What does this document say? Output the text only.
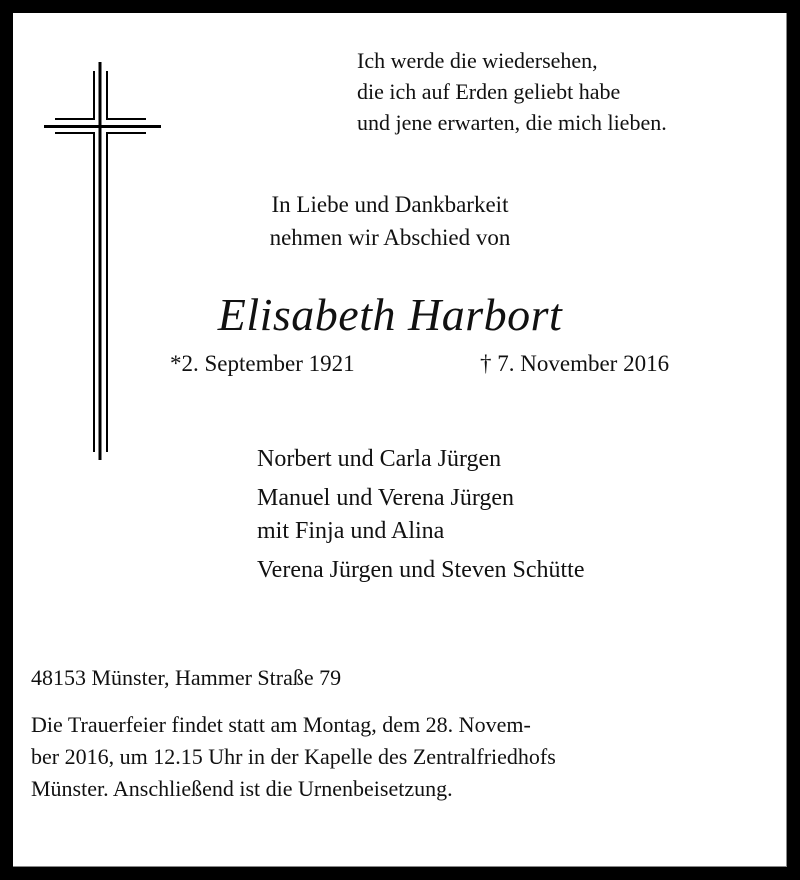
Ich werde die wiedersehen,
die ich auf Erden geliebt habe
und jene erwarten, die mich lieben.
In Liebe und Dankbarkeit
nehmen wir Abschied von
Elisabeth Harbort
*2. September 1921	† 7. November 2016
Norbert und Carla Jürgen
Manuel und Verena Jürgen
mit Finja und Alina
Verena Jürgen und Steven Schütte
48153 Münster, Hammer Straße 79
Die Trauerfeier findet statt am Montag, dem 28. Novem-
ber 2016, um 12.15 Uhr in der Kapelle des Zentralfriedhofs
Münster. Anschließend ist die Urnenbeisetzung.
